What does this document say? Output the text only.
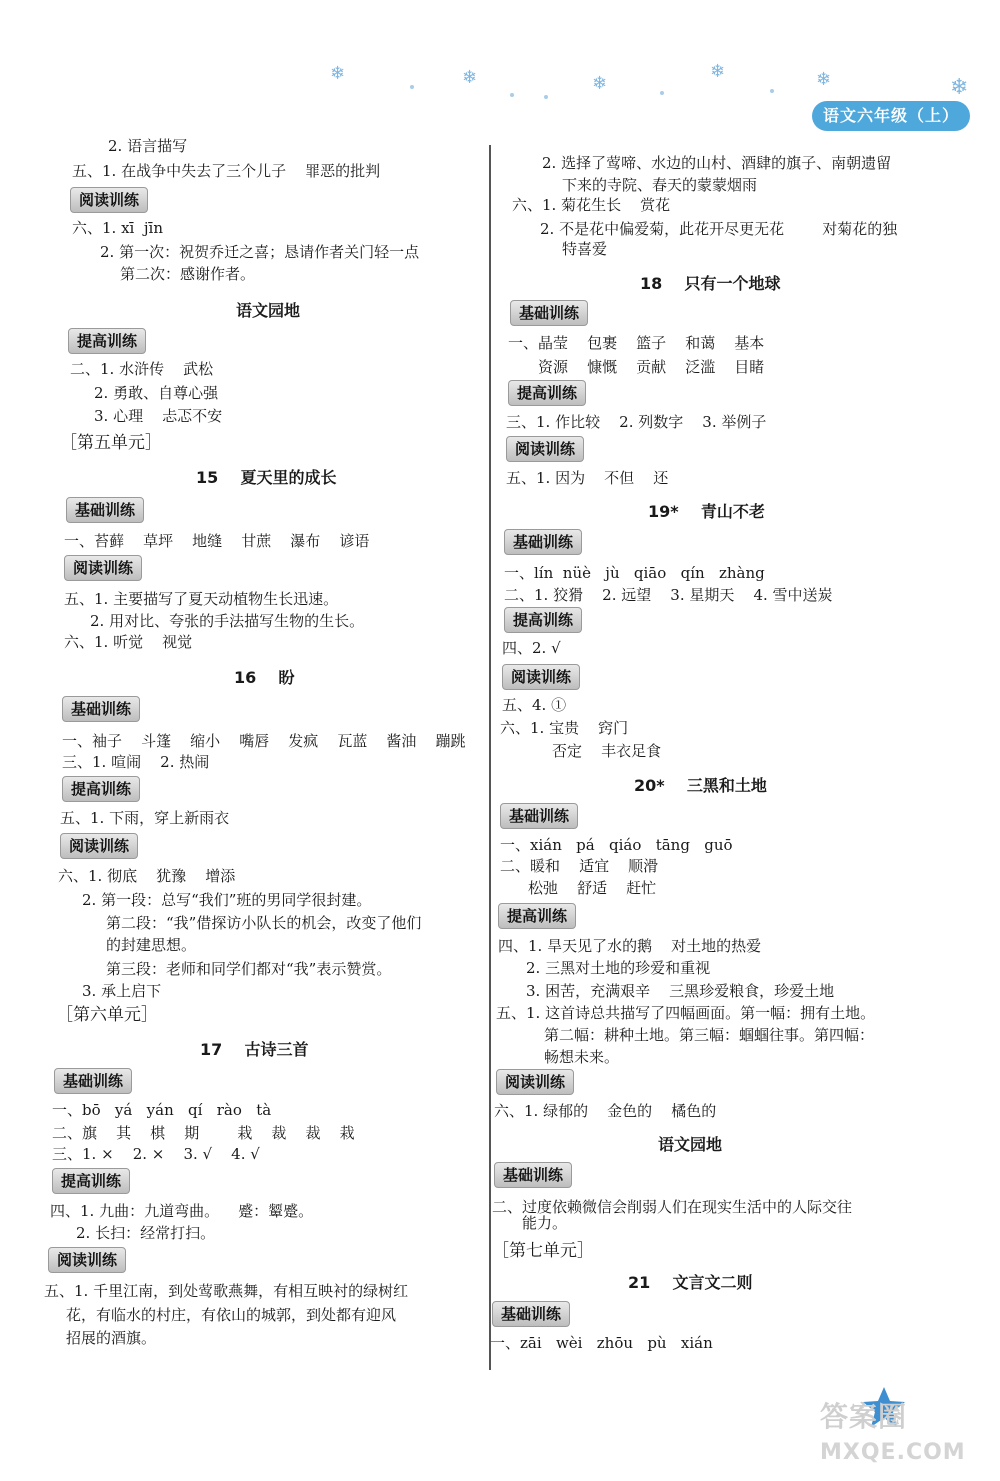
❄	❄	❄
❄	❄	❄
语文六年级（上）
2. 语言描写
五、1. 在战争中失去了三个儿子    罪恶的批判
阅读训练
六、1. xī  jīn
2. 第一次：祝贺乔迁之喜；恳请作者关门轻一点
第二次：感谢作者。
语文园地
提高训练
二、1. 水浒传    武松
2. 勇敢、自尊心强
3. 心理    忐忑不安
［第五单元］
15    夏天里的成长
基础训练
一、苔藓    草坪    地缝    甘蔗    瀑布    谚语
阅读训练
五、1. 主要描写了夏天动植物生长迅速。
2. 用对比、夸张的手法描写生物的生长。
六、1. 听觉    视觉
16    盼
基础训练
一、袖子    斗篷    缩小    嘴唇    发疯    瓦蓝    酱油    蹦跳
三、1. 喧闹    2. 热闹
提高训练
五、1. 下雨，穿上新雨衣
阅读训练
六、1. 彻底    犹豫    增添
2. 第一段：总写“我们”班的男同学很封建。
第二段：“我”借探访小队长的机会，改变了他们
的封建思想。
第三段：老师和同学们都对“我”表示赞赏。
3. 承上启下
［第六单元］
17    古诗三首
基础训练
一、bō   yá   yán   qí   rào   tà
二、旗    其    棋    期        栽    裁    裁    栽
三、1. ×    2. ×    3. √    4. √
提高训练
四、1. 九曲：九道弯曲。    蹙：颦蹙。
2. 长扫：经常打扫。
阅读训练
五、1. 千里江南，到处莺歌燕舞，有相互映衬的绿树红
花，有临水的村庄，有依山的城郭，到处都有迎风
招展的酒旗。
2. 选择了莺啼、水边的山村、酒肆的旗子、南朝遗留
下来的寺院、春天的蒙蒙烟雨
六、1. 菊花生长    赏花
2. 不是花中偏爱菊，此花开尽更无花        对菊花的独
特喜爱
18    只有一个地球
基础训练
一、晶莹    包裹    篮子    和蔼    基本
资源    慷慨    贡献    泛滥    目睹
提高训练
三、1. 作比较    2. 列数字    3. 举例子
阅读训练
五、1. 因为    不但    还
19*    青山不老
基础训练
一、lín  nüè   jù   qiāo   qín   zhàng
二、1. 狡猾    2. 远望    3. 星期天    4. 雪中送炭
提高训练
四、2. √
阅读训练
五、4. ①
六、1. 宝贵    窍门
否定    丰衣足食
20*    三黑和土地
基础训练
一、xián   pá   qiáo   tāng   guō
二、暖和    适宜    顺滑
松弛    舒适    赶忙
提高训练
四、1. 旱天见了水的鹅    对土地的热爱
2. 三黑对土地的珍爱和重视
3. 困苦，充满艰辛    三黑珍爱粮食，珍爱土地
五、1. 这首诗总共描写了四幅画面。第一幅：拥有土地。
第二幅：耕种土地。第三幅：蝈蝈往事。第四幅：
畅想未来。
阅读训练
六、1. 绿郁的    金色的    橘色的
语文园地
基础训练
二、过度依赖微信会削弱人们在现实生活中的人际交往
能力。
［第七单元］
21    文言文二则
基础训练
一、zāi   wèi   zhōu   pù   xián
答案圈
MXQE.COM
